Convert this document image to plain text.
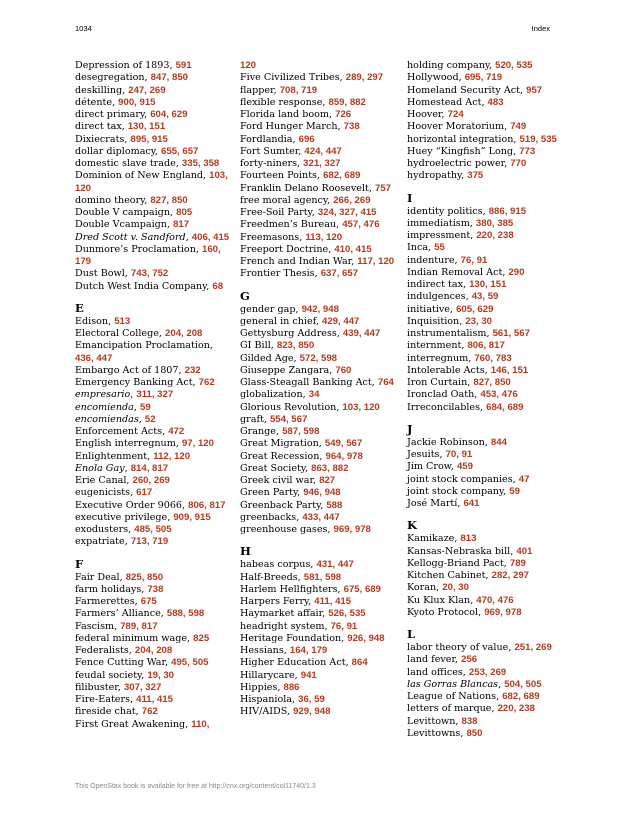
1034	Index
Depression of 1893, 591
desegregation, 847, 850
deskilling, 247, 269
détente, 900, 915
direct primary, 604, 629
direct tax, 130, 151
Dixiecrats, 895, 915
dollar diplomacy, 655, 657
domestic slave trade, 335, 358
Dominion of New England, 103, 120
domino theory, 827, 850
Double V campaign, 805
Double Vcampaign, 817
Dred Scott v. Sandford, 406, 415
Dunmore’s Proclamation, 160, 179
Dust Bowl, 743, 752
Dutch West India Company, 68
E
Edison, 513
Electoral College, 204, 208
Emancipation Proclamation, 436, 447
Embargo Act of 1807, 232
Emergency Banking Act, 762
empresario, 311, 327
encomienda, 59
encomiendas, 52
Enforcement Acts, 472
English interregnum, 97, 120
Enlightenment, 112, 120
Enola Gay, 814, 817
Erie Canal, 260, 269
eugenicists, 617
Executive Order 9066, 806, 817
executive privilege, 909, 915
exodusters, 485, 505
expatriate, 713, 719
F
Fair Deal, 825, 850
farm holidays, 738
Farmerettes, 675
Farmers’ Alliance, 588, 598
Fascism, 789, 817
federal minimum wage, 825
Federalists, 204, 208
Fence Cutting War, 495, 505
feudal society, 19, 30
filibuster, 307, 327
Fire-Eaters, 411, 415
fireside chat, 762
First Great Awakening, 110,
120
Five Civilized Tribes, 289, 297
flapper, 708, 719
flexible response, 859, 882
Florida land boom, 726
Ford Hunger March, 738
Fordlandia, 696
Fort Sumter, 424, 447
forty-niners, 321, 327
Fourteen Points, 682, 689
Franklin Delano Roosevelt, 757
free moral agency, 266, 269
Free-Soil Party, 324, 327, 415
Freedmen’s Bureau, 457, 476
Freemasons, 113, 120
Freeport Doctrine, 410, 415
French and Indian War, 117, 120
Frontier Thesis, 637, 657
G
gender gap, 942, 948
general in chief, 429, 447
Gettysburg Address, 439, 447
GI Bill, 823, 850
Gilded Age, 572, 598
Giuseppe Zangara, 760
Glass-Steagall Banking Act, 764
globalization, 34
Glorious Revolution, 103, 120
graft, 554, 567
Grange, 587, 598
Great Migration, 549, 567
Great Recession, 964, 978
Great Society, 863, 882
Greek civil war, 827
Green Party, 946, 948
Greenback Party, 588
greenbacks, 433, 447
greenhouse gases, 969, 978
H
habeas corpus, 431, 447
Half-Breeds, 581, 598
Harlem Hellfighters, 675, 689
Harpers Ferry, 411, 415
Haymarket affair, 526, 535
headright system, 76, 91
Heritage Foundation, 926, 948
Hessians, 164, 179
Higher Education Act, 864
Hillarycare, 941
Hippies, 886
Hispaniola, 36, 59
HIV/AIDS, 929, 948
holding company, 520, 535
Hollywood, 695, 719
Homeland Security Act, 957
Homestead Act, 483
Hoover, 724
Hoover Moratorium, 749
horizontal integration, 519, 535
Huey “Kingfish” Long, 773
hydroelectric power, 770
hydropathy, 375
I
identity politics, 886, 915
immediatism, 380, 385
impressment, 220, 238
Inca, 55
indenture, 76, 91
Indian Removal Act, 290
indirect tax, 130, 151
indulgences, 43, 59
initiative, 605, 629
Inquisition, 23, 30
instrumentalism, 561, 567
internment, 806, 817
interregnum, 760, 783
Intolerable Acts, 146, 151
Iron Curtain, 827, 850
Ironclad Oath, 453, 476
Irreconcilables, 684, 689
J
Jackie Robinson, 844
Jesuits, 70, 91
Jim Crow, 459
joint stock companies, 47
joint stock company, 59
José Martí, 641
K
Kamikaze, 813
Kansas-Nebraska bill, 401
Kellogg-Briand Pact, 789
Kitchen Cabinet, 282, 297
Koran, 20, 30
Ku Klux Klan, 470, 476
Kyoto Protocol, 969, 978
L
labor theory of value, 251, 269
land fever, 256
land offices, 253, 269
las Gorras Blancas, 504, 505
League of Nations, 682, 689
letters of marque, 220, 238
Levittown, 838
Levittowns, 850
This OpenStax book is available for free at http://cnx.org/content/col11740/1.3
